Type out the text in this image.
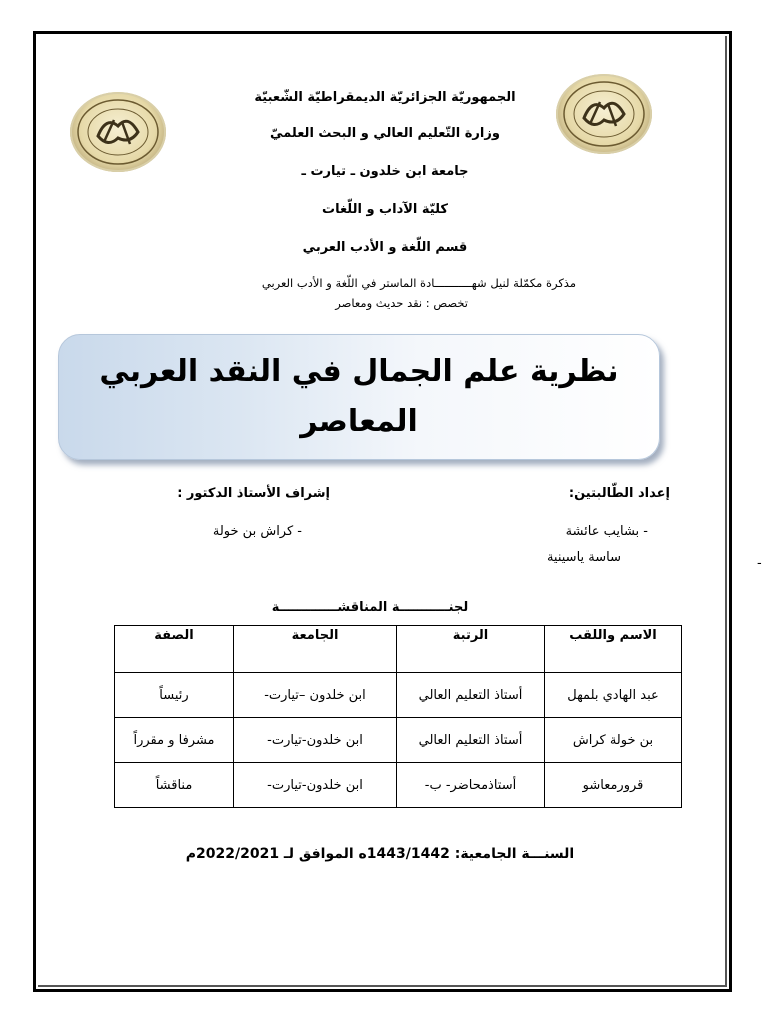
الجمهوريّة الجزائريّة الديمقراطيّة الشّعبيّة
وزارة التّعليم العالي و البحث العلميّ
جامعة ابن خلدون ـ تيارت ـ
كليّة الآداب و اللّغات
قسم اللّغة و الأدب العربي
مذكرة مكمّلة لنيل شهـــــــــــادة الماستر في اللّغة و الأدب العربي
تخصص : نقد حديث ومعاصر
نظرية علم الجمال في النقد العربي المعاصر
إعداد الطّالبتين:
إشراف الأستاذ الدكتور :
- بشايب عائشة
ساسة ياسينية
- كراش بن خولة
-
لجنـــــــــــة المناقشـــــــــــــة
الاسم واللقب	الرتبة	الجامعة	الصفة
عبد الهادي بلمهل	أستاذ التعليم العالي	ابن خلدون –تيارت-	رئيساً
بن خولة كراش	أستاذ التعليم العالي	ابن خلدون-تيارت-	مشرفا و مقرراً
قرورمعاشو	أستاذمحاضر- ب-	ابن خلدون-تيارت-	مناقشاً
السنـــة الجامعية: 1443/1442ه الموافق لـ 2022/2021م
